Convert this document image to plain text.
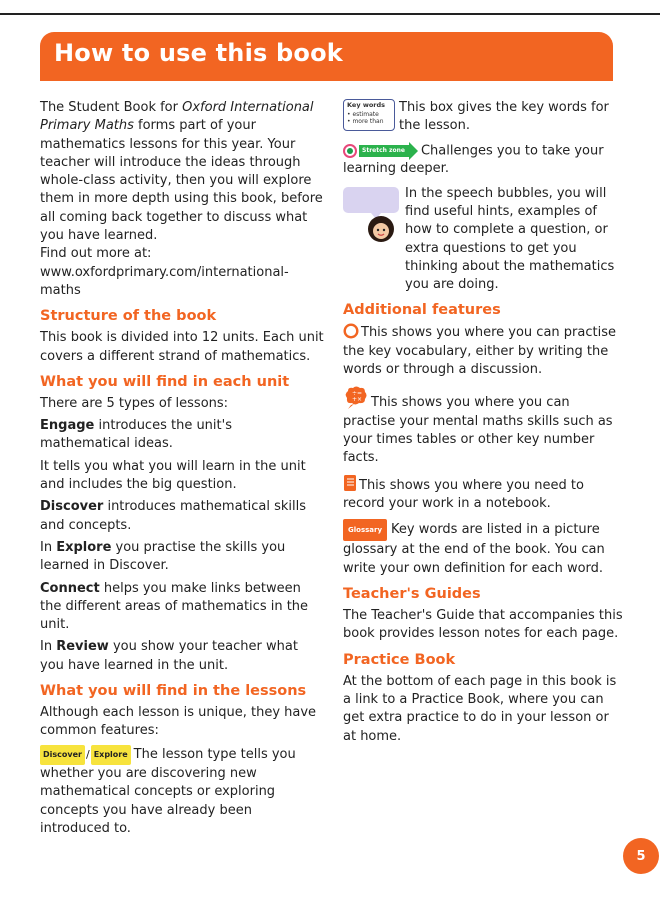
How to use this book

The Student Book for Oxford International Primary Maths forms part of your mathematics lessons for this year. Your teacher will introduce the ideas through whole-class activity, then you will explore them in more depth using this book, before all coming back together to discuss what you have learned.

Find out more at: www.oxfordprimary.com/international-maths

Structure of the book

This book is divided into 12 units. Each unit covers a different strand of mathematics.

What you will find in each unit

There are 5 types of lessons:

Engage introduces the unit's mathematical ideas.

It tells you what you will learn in the unit and includes the big question.

Discover introduces mathematical skills and concepts.

In Explore you practise the skills you learned in Discover.

Connect helps you make links between the different areas of mathematics in the unit.

In Review you show your teacher what you have learned in the unit.

What you will find in the lessons

Although each lesson is unique, they have common features:

Discover / Explore The lesson type tells you whether you are discovering new mathematical concepts or exploring concepts you have already been introduced to.

Key words
• estimate
• more than

This box gives the key words for the lesson.

Stretch zone	Challenges you to take your learning deeper.

In the speech bubbles, you will find useful hints, examples of how to complete a question, or extra questions to get you thinking about the mathematics you are doing.

Additional features

This shows you where you can practise the key vocabulary, either by writing the words or through a discussion.

÷ =
+ × This shows you where you can practise your mental maths skills such as your times tables or other key number facts.

This shows you where you need to record your work in a notebook.

Glossary Key words are listed in a picture glossary at the end of the book. You can write your own definition for each word.

Teacher's Guides

The Teacher's Guide that accompanies this book provides lesson notes for each page.

Practice Book

At the bottom of each page in this book is a link to a Practice Book, where you can get extra practice to do in your lesson or at home.

5
